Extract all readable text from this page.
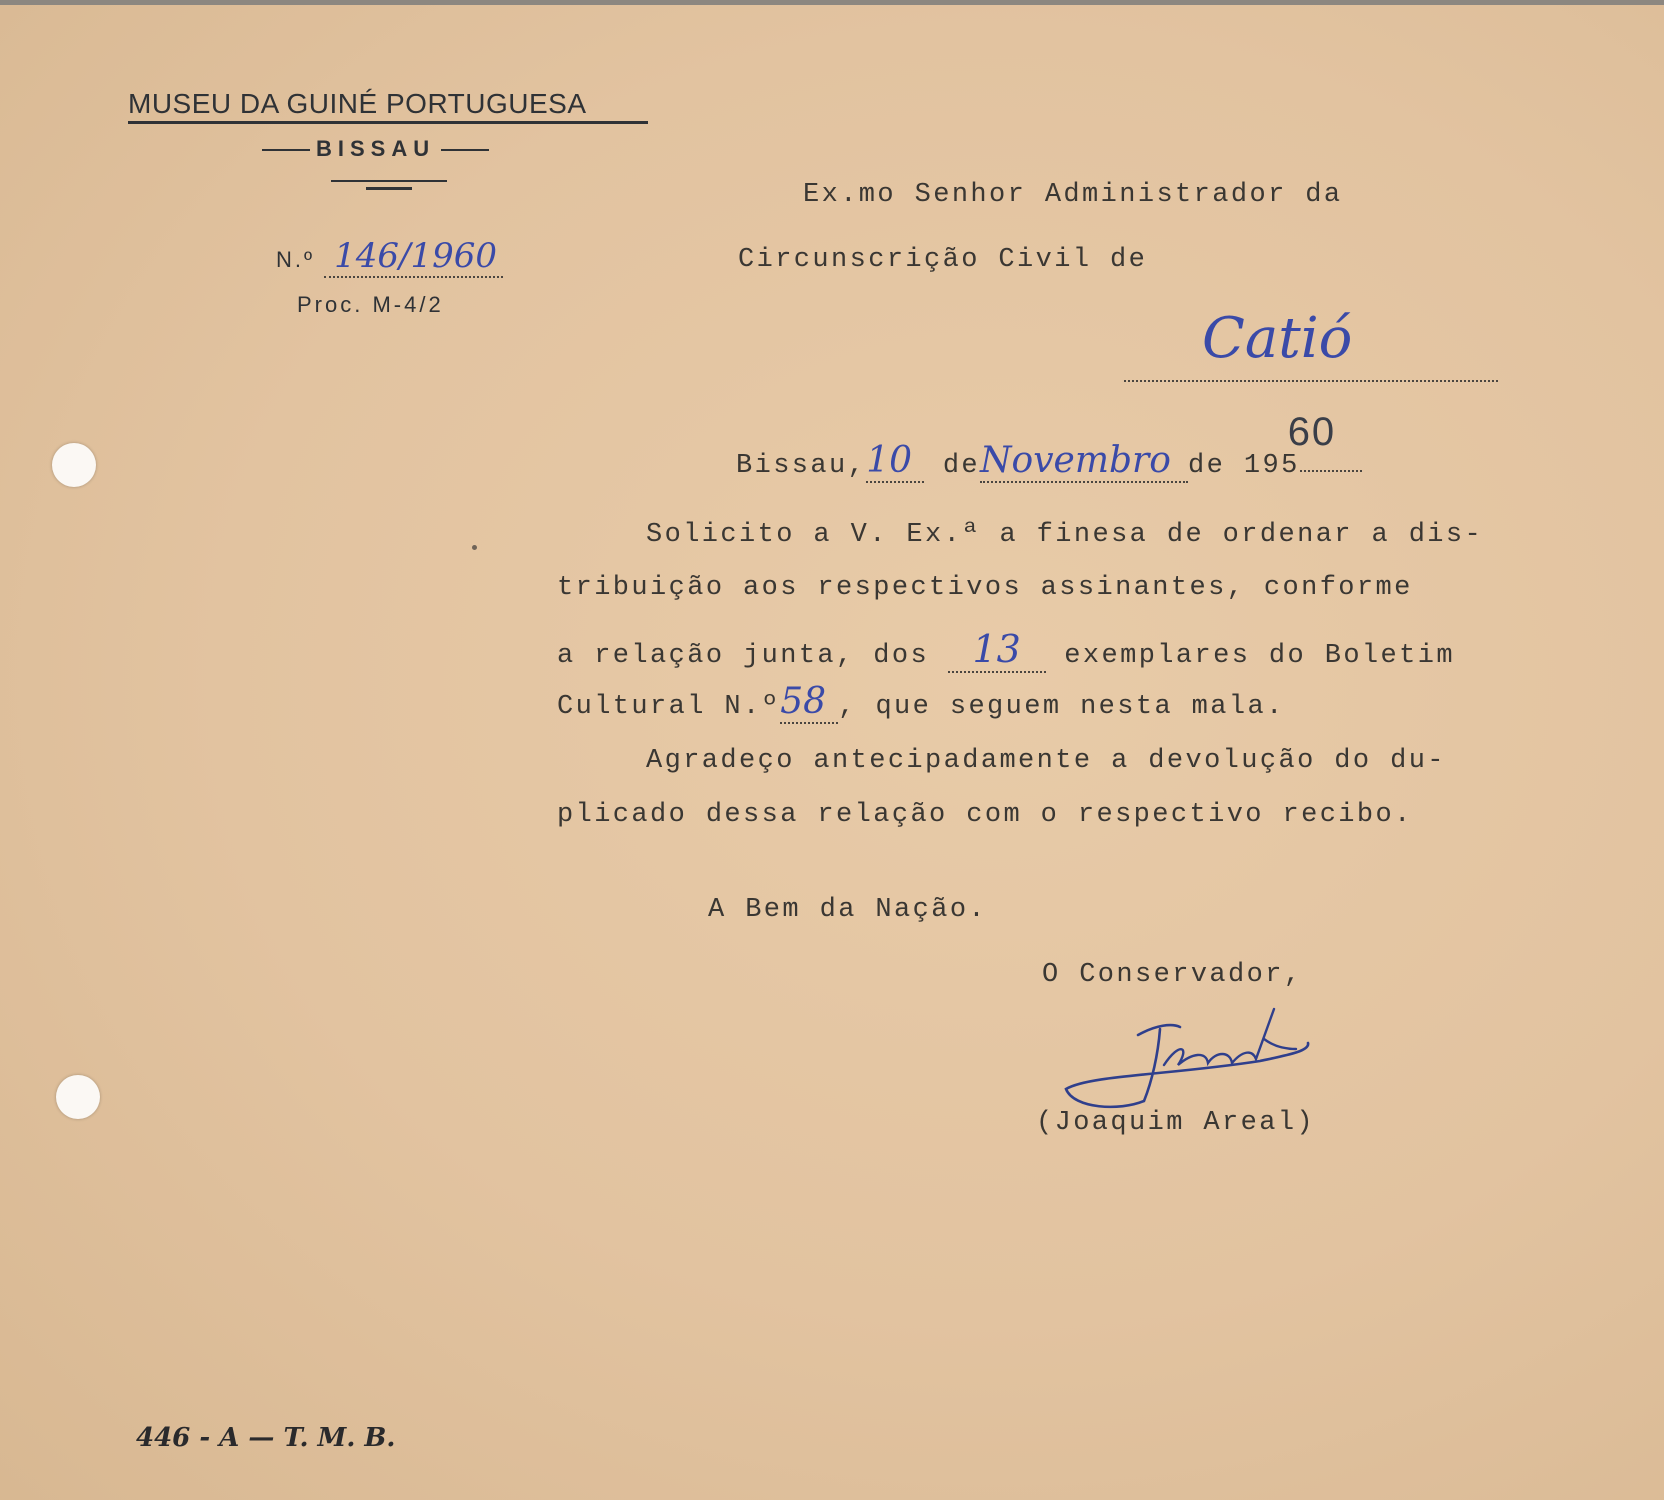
MUSEU DA GUINÉ PORTUGUESA
BISSAU
N.º 146/1960
Proc. M-4/2
Ex.mo Senhor Administrador da
Circunscrição Civil de
Catió
Bissau,10 deNovembro de 195
60
Solicito a V. Ex.ª a finesa de ordenar a dis-
tribuição aos respectivos assinantes, conforme
a relação junta, dos 13 exemplares do Boletim
Cultural N.º58 , que seguem nesta mala.
Agradeço antecipadamente a devolução do du-
plicado dessa relação com o respectivo recibo.
A Bem da Nação.
O Conservador,
(Joaquim Areal)
446 - A — T. M. B.
